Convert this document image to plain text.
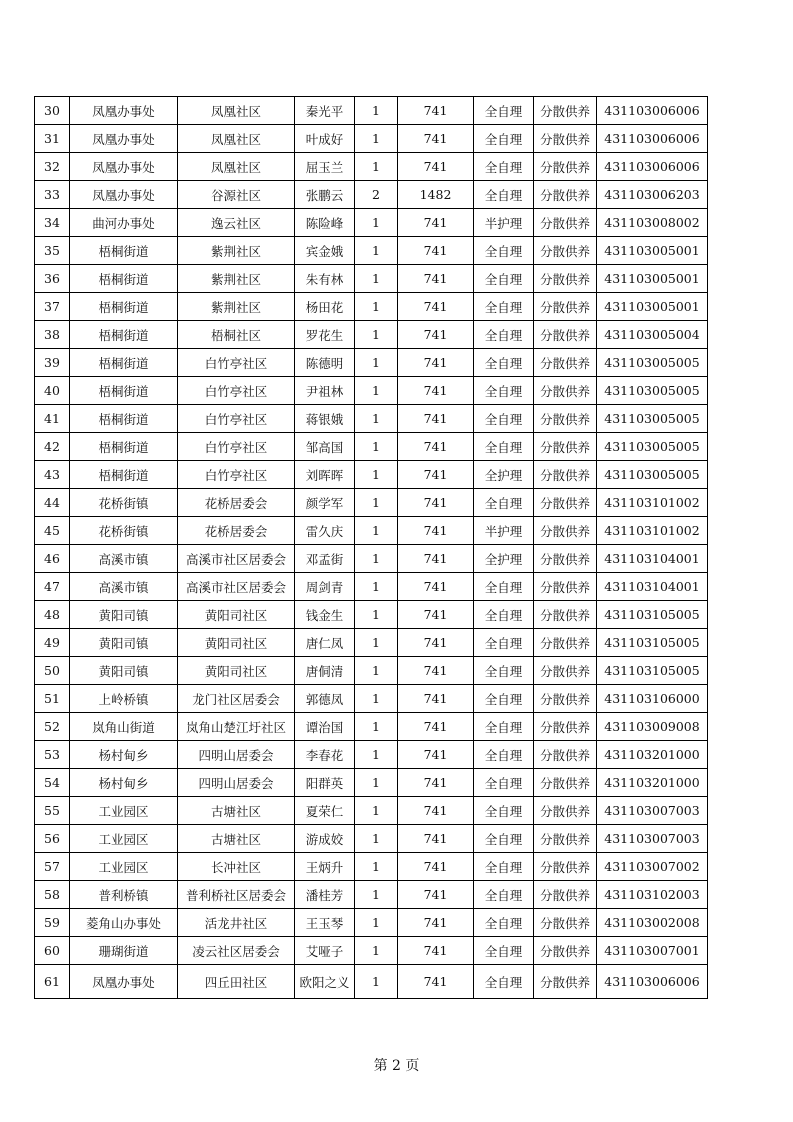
30	凤凰办事处	凤凰社区	秦光平	1	741	全自理	分散供养	431103006006
31	凤凰办事处	凤凰社区	叶成好	1	741	全自理	分散供养	431103006006
32	凤凰办事处	凤凰社区	屈玉兰	1	741	全自理	分散供养	431103006006
33	凤凰办事处	谷源社区	张鹏云	2	1482	全自理	分散供养	431103006203
34	曲河办事处	逸云社区	陈险峰	1	741	半护理	分散供养	431103008002
35	梧桐街道	紫荆社区	宾金娥	1	741	全自理	分散供养	431103005001
36	梧桐街道	紫荆社区	朱有林	1	741	全自理	分散供养	431103005001
37	梧桐街道	紫荆社区	杨田花	1	741	全自理	分散供养	431103005001
38	梧桐街道	梧桐社区	罗花生	1	741	全自理	分散供养	431103005004
39	梧桐街道	白竹亭社区	陈德明	1	741	全自理	分散供养	431103005005
40	梧桐街道	白竹亭社区	尹祖林	1	741	全自理	分散供养	431103005005
41	梧桐街道	白竹亭社区	蒋银娥	1	741	全自理	分散供养	431103005005
42	梧桐街道	白竹亭社区	邹高国	1	741	全自理	分散供养	431103005005
43	梧桐街道	白竹亭社区	刘晖晖	1	741	全护理	分散供养	431103005005
44	花桥街镇	花桥居委会	颜学军	1	741	全自理	分散供养	431103101002
45	花桥街镇	花桥居委会	雷久庆	1	741	半护理	分散供养	431103101002
46	高溪市镇	高溪市社区居委会	邓孟街	1	741	全护理	分散供养	431103104001
47	高溪市镇	高溪市社区居委会	周剑青	1	741	全自理	分散供养	431103104001
48	黄阳司镇	黄阳司社区	钱金生	1	741	全自理	分散供养	431103105005
49	黄阳司镇	黄阳司社区	唐仁凤	1	741	全自理	分散供养	431103105005
50	黄阳司镇	黄阳司社区	唐侗清	1	741	全自理	分散供养	431103105005
51	上岭桥镇	龙门社区居委会	郭德凤	1	741	全自理	分散供养	431103106000
52	岚角山街道	岚角山楚江圩社区	谭治国	1	741	全自理	分散供养	431103009008
53	杨村甸乡	四明山居委会	李春花	1	741	全自理	分散供养	431103201000
54	杨村甸乡	四明山居委会	阳群英	1	741	全自理	分散供养	431103201000
55	工业园区	古塘社区	夏荣仁	1	741	全自理	分散供养	431103007003
56	工业园区	古塘社区	游成姣	1	741	全自理	分散供养	431103007003
57	工业园区	长冲社区	王炳升	1	741	全自理	分散供养	431103007002
58	普利桥镇	普利桥社区居委会	潘桂芳	1	741	全自理	分散供养	431103102003
59	菱角山办事处	活龙井社区	王玉琴	1	741	全自理	分散供养	431103002008
60	珊瑚街道	凌云社区居委会	艾哑子	1	741	全自理	分散供养	431103007001
61	凤凰办事处	四丘田社区	欧阳之义	1	741	全自理	分散供养	431103006006
第 2 页
